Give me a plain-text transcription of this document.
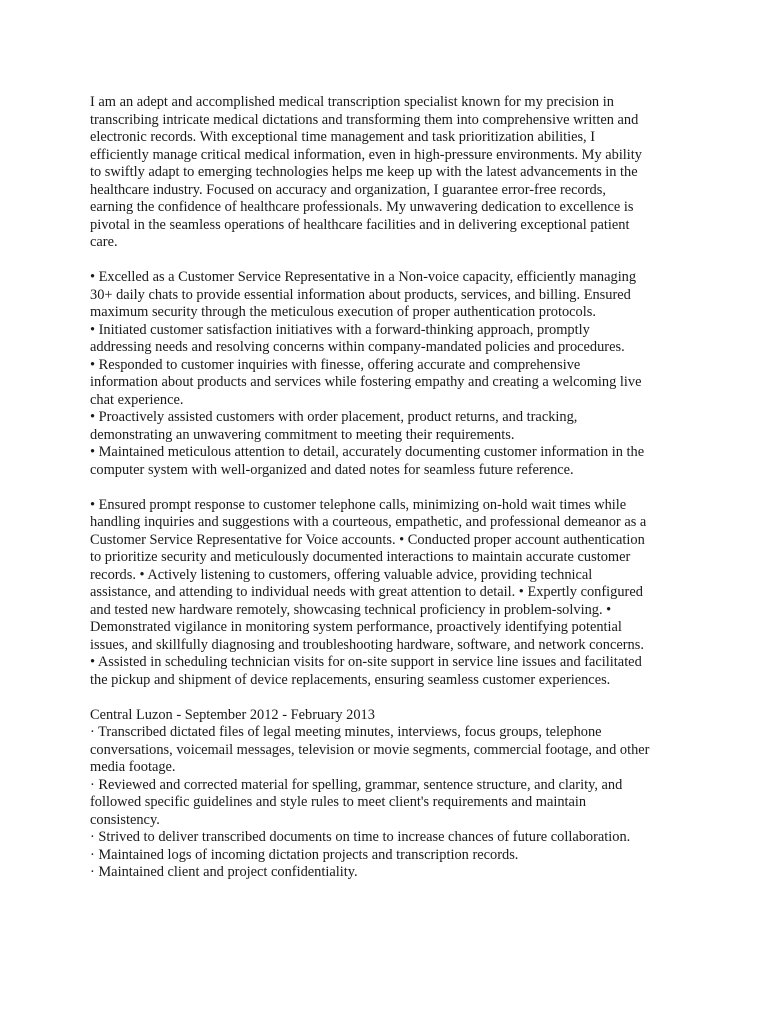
I am an adept and accomplished medical transcription specialist known for my precision in
transcribing intricate medical dictations and transforming them into comprehensive written and
electronic records. With exceptional time management and task prioritization abilities, I
efficiently manage critical medical information, even in high-pressure environments. My ability
to swiftly adapt to emerging technologies helps me keep up with the latest advancements in the
healthcare industry. Focused on accuracy and organization, I guarantee error-free records,
earning the confidence of healthcare professionals. My unwavering dedication to excellence is
pivotal in the seamless operations of healthcare facilities and in delivering exceptional patient
care.
• Excelled as a Customer Service Representative in a Non-voice capacity, efficiently managing
30+ daily chats to provide essential information about products, services, and billing. Ensured
maximum security through the meticulous execution of proper authentication protocols.
• Initiated customer satisfaction initiatives with a forward-thinking approach, promptly
addressing needs and resolving concerns within company-mandated policies and procedures.
• Responded to customer inquiries with finesse, offering accurate and comprehensive
information about products and services while fostering empathy and creating a welcoming live
chat experience.
• Proactively assisted customers with order placement, product returns, and tracking,
demonstrating an unwavering commitment to meeting their requirements.
• Maintained meticulous attention to detail, accurately documenting customer information in the
computer system with well-organized and dated notes for seamless future reference.
• Ensured prompt response to customer telephone calls, minimizing on-hold wait times while
handling inquiries and suggestions with a courteous, empathetic, and professional demeanor as a
Customer Service Representative for Voice accounts. • Conducted proper account authentication
to prioritize security and meticulously documented interactions to maintain accurate customer
records. • Actively listening to customers, offering valuable advice, providing technical
assistance, and attending to individual needs with great attention to detail. • Expertly configured
and tested new hardware remotely, showcasing technical proficiency in problem-solving. •
Demonstrated vigilance in monitoring system performance, proactively identifying potential
issues, and skillfully diagnosing and troubleshooting hardware, software, and network concerns.
• Assisted in scheduling technician visits for on-site support in service line issues and facilitated
the pickup and shipment of device replacements, ensuring seamless customer experiences.
Central Luzon - September 2012 - February 2013
· Transcribed dictated files of legal meeting minutes, interviews, focus groups, telephone
conversations, voicemail messages, television or movie segments, commercial footage, and other
media footage.
· Reviewed and corrected material for spelling, grammar, sentence structure, and clarity, and
followed specific guidelines and style rules to meet client's requirements and maintain
consistency.
· Strived to deliver transcribed documents on time to increase chances of future collaboration.
· Maintained logs of incoming dictation projects and transcription records.
· Maintained client and project confidentiality.
